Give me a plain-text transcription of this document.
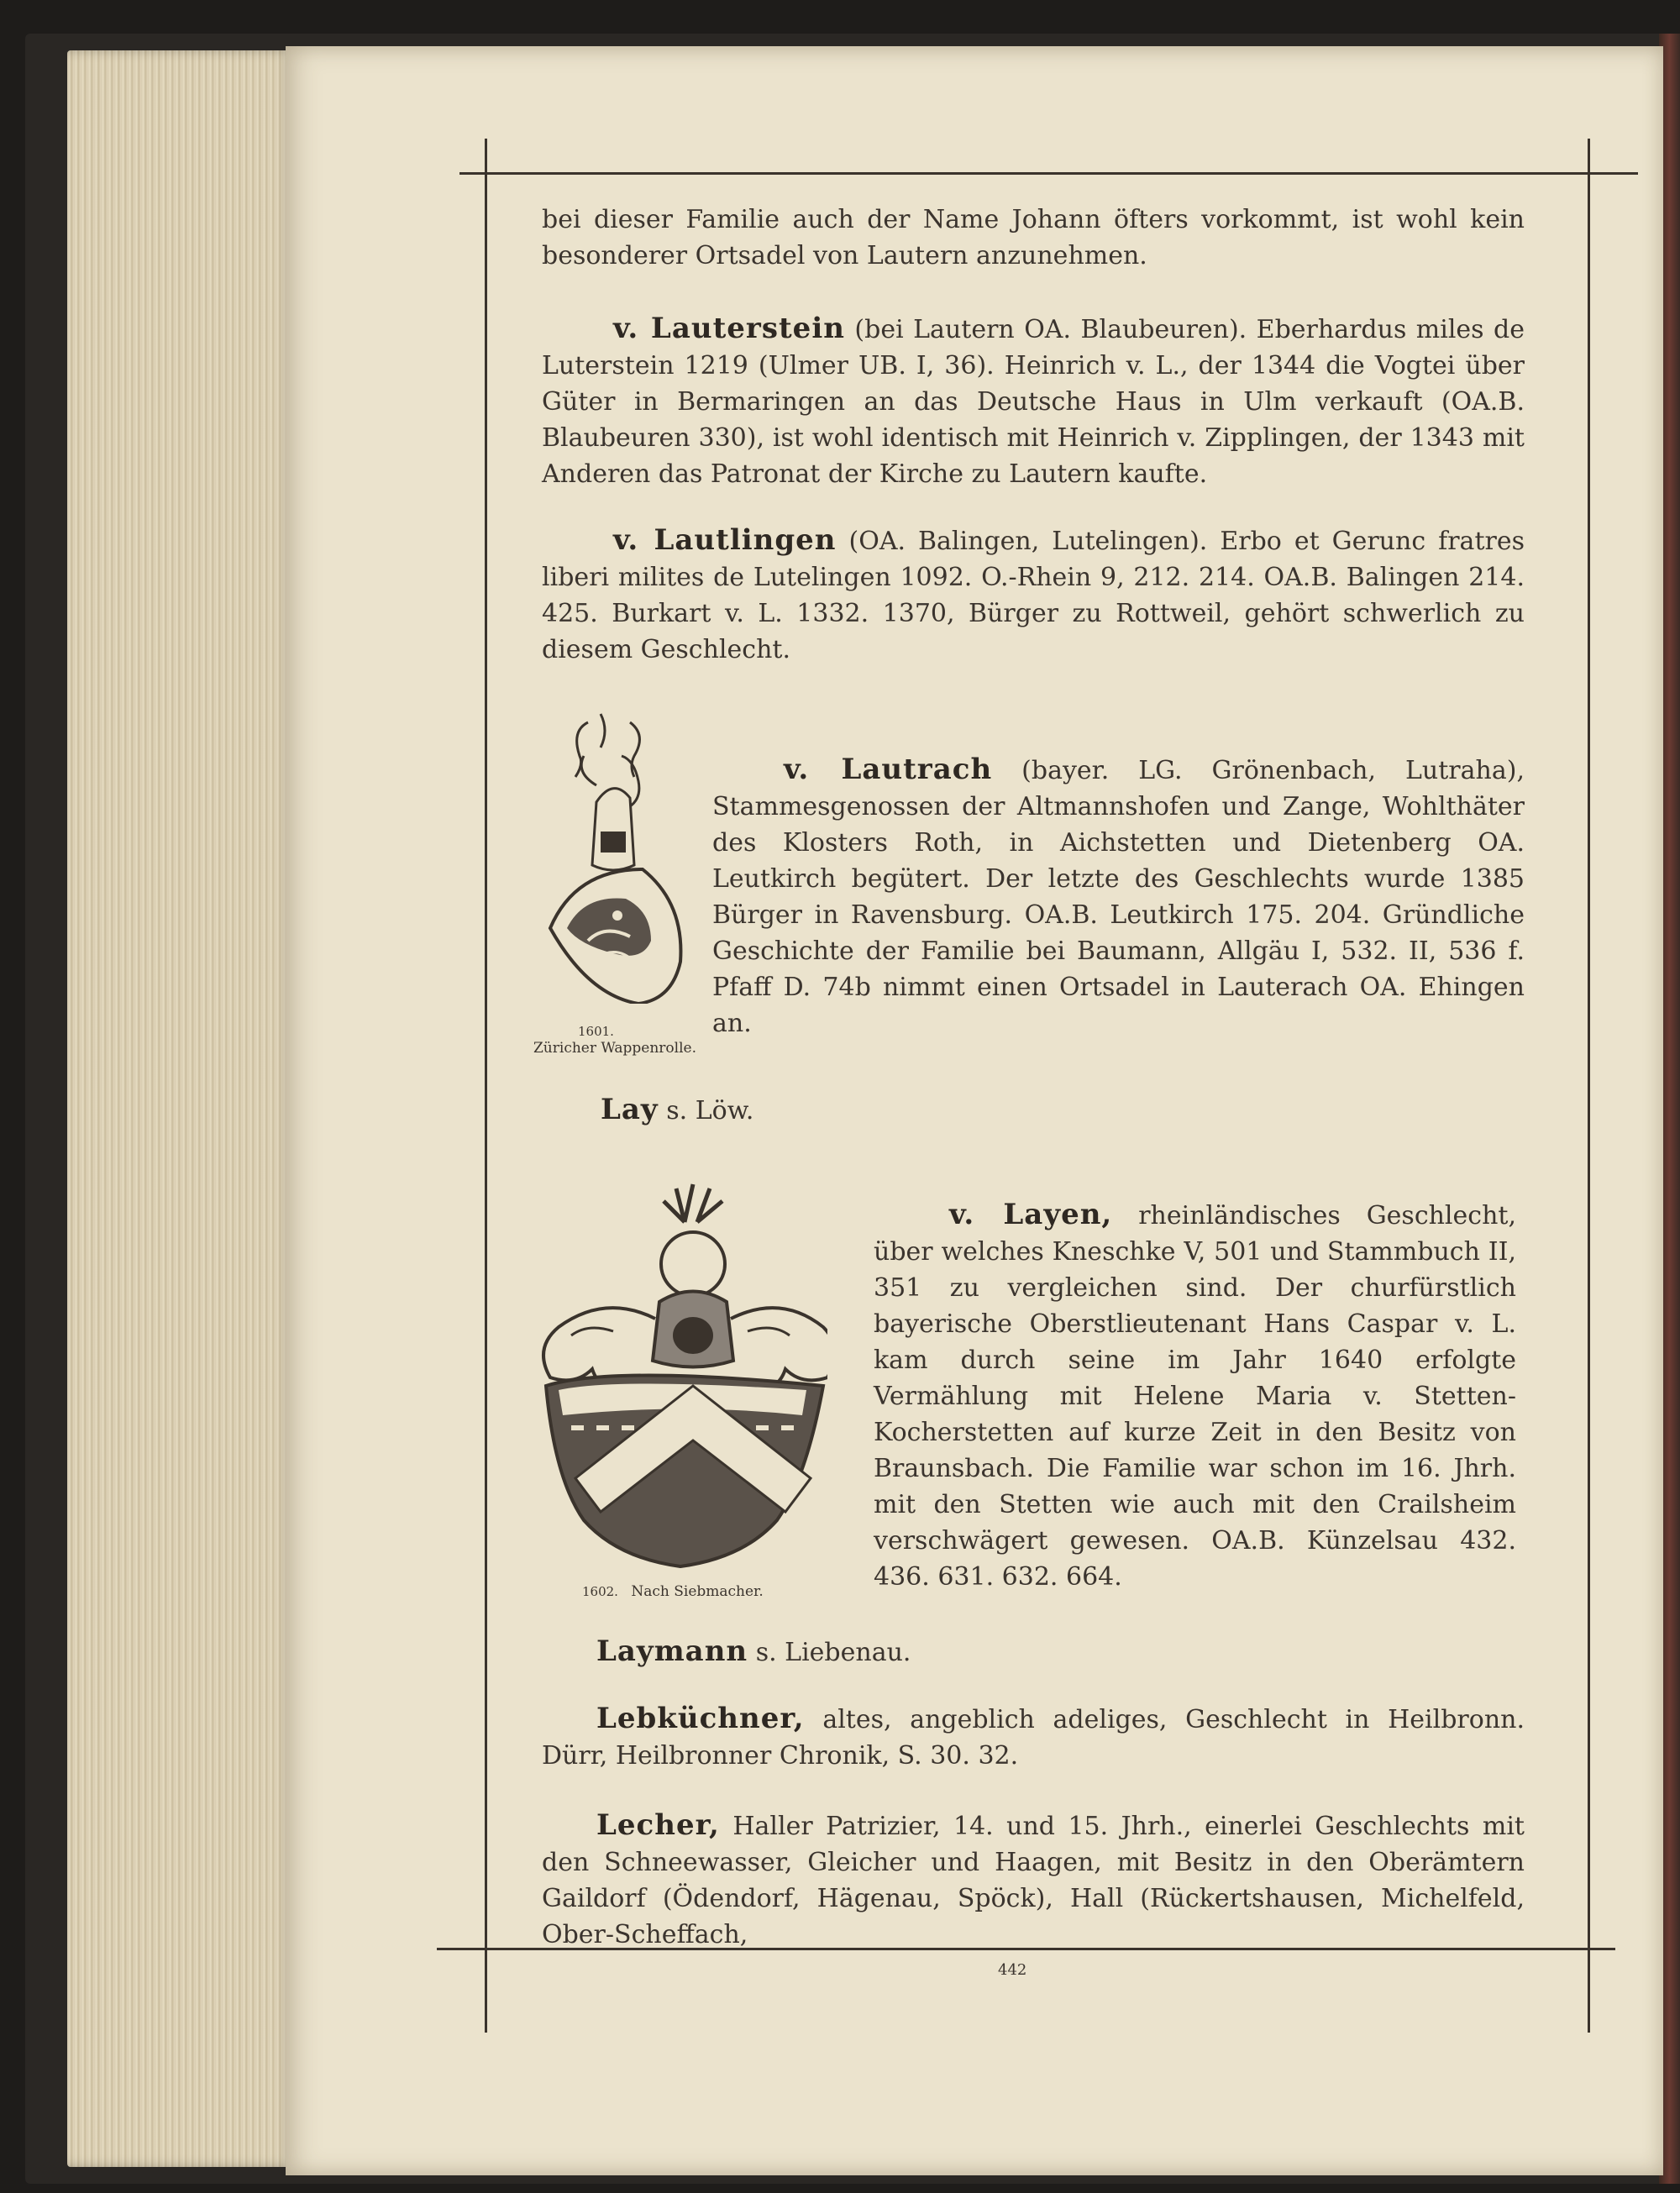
bei dieser Familie auch der Name Johann öfters vorkommt, ist wohl kein besonderer Ortsadel von Lautern anzunehmen.

v. Lauterstein (bei Lautern OA. Blaubeuren). Eberhardus miles de Luterstein 1219 (Ulmer UB. I, 36). Heinrich v. L., der 1344 die Vogtei über Güter in Bermaringen an das Deutsche Haus in Ulm verkauft (OA.B. Blaubeuren 330), ist wohl identisch mit Heinrich v. Zipplingen, der 1343 mit Anderen das Patronat der Kirche zu Lautern kaufte.

v. Lautlingen (OA. Balingen, Lutelingen). Erbo et Gerunc fratres liberi milites de Lutelingen 1092. O.-Rhein 9, 212. 214. OA.B. Balingen 214. 425. Burkart v. L. 1332. 1370, Bürger zu Rottweil, gehört schwerlich zu diesem Geschlecht.

v. Lautrach (bayer. LG. Grönenbach, Lutraha), Stammesgenossen der Altmannshofen und Zange, Wohlthäter des Klosters Roth, in Aichstetten und Dietenberg OA. Leutkirch begütert. Der letzte des Geschlechts wurde 1385 Bürger in Ravensburg. OA.B. Leutkirch 175. 204. Gründliche Geschichte der Familie bei Baumann, Allgäu I, 532. II, 536 f. Pfaff D. 74b nimmt einen Ortsadel in Lauterach OA. Ehingen an.

1601.
Züricher Wappenrolle.

Lay s. Löw.

v. Layen, rheinländisches Geschlecht, über welches Kneschke V, 501 und Stammbuch II, 351 zu vergleichen sind. Der churfürstlich bayerische Oberstlieutenant Hans Caspar v. L. kam durch seine im Jahr 1640 erfolgte Vermählung mit Helene Maria v. Stetten-Kocherstetten auf kurze Zeit in den Besitz von Braunsbach. Die Familie war schon im 16. Jhrh. mit den Stetten wie auch mit den Crailsheim verschwägert gewesen. OA.B. Künzelsau 432. 436. 631. 632. 664.

1602. Nach Siebmacher.

Laymann s. Liebenau.

Lebküchner, altes, angeblich adeliges, Geschlecht in Heilbronn. Dürr, Heilbronner Chronik, S. 30. 32.

Lecher, Haller Patrizier, 14. und 15. Jhrh., einerlei Geschlechts mit den Schneewasser, Gleicher und Haagen, mit Besitz in den Oberämtern Gaildorf (Ödendorf, Hägenau, Spöck), Hall (Rückertshausen, Michelfeld, Ober-Scheffach,

442
